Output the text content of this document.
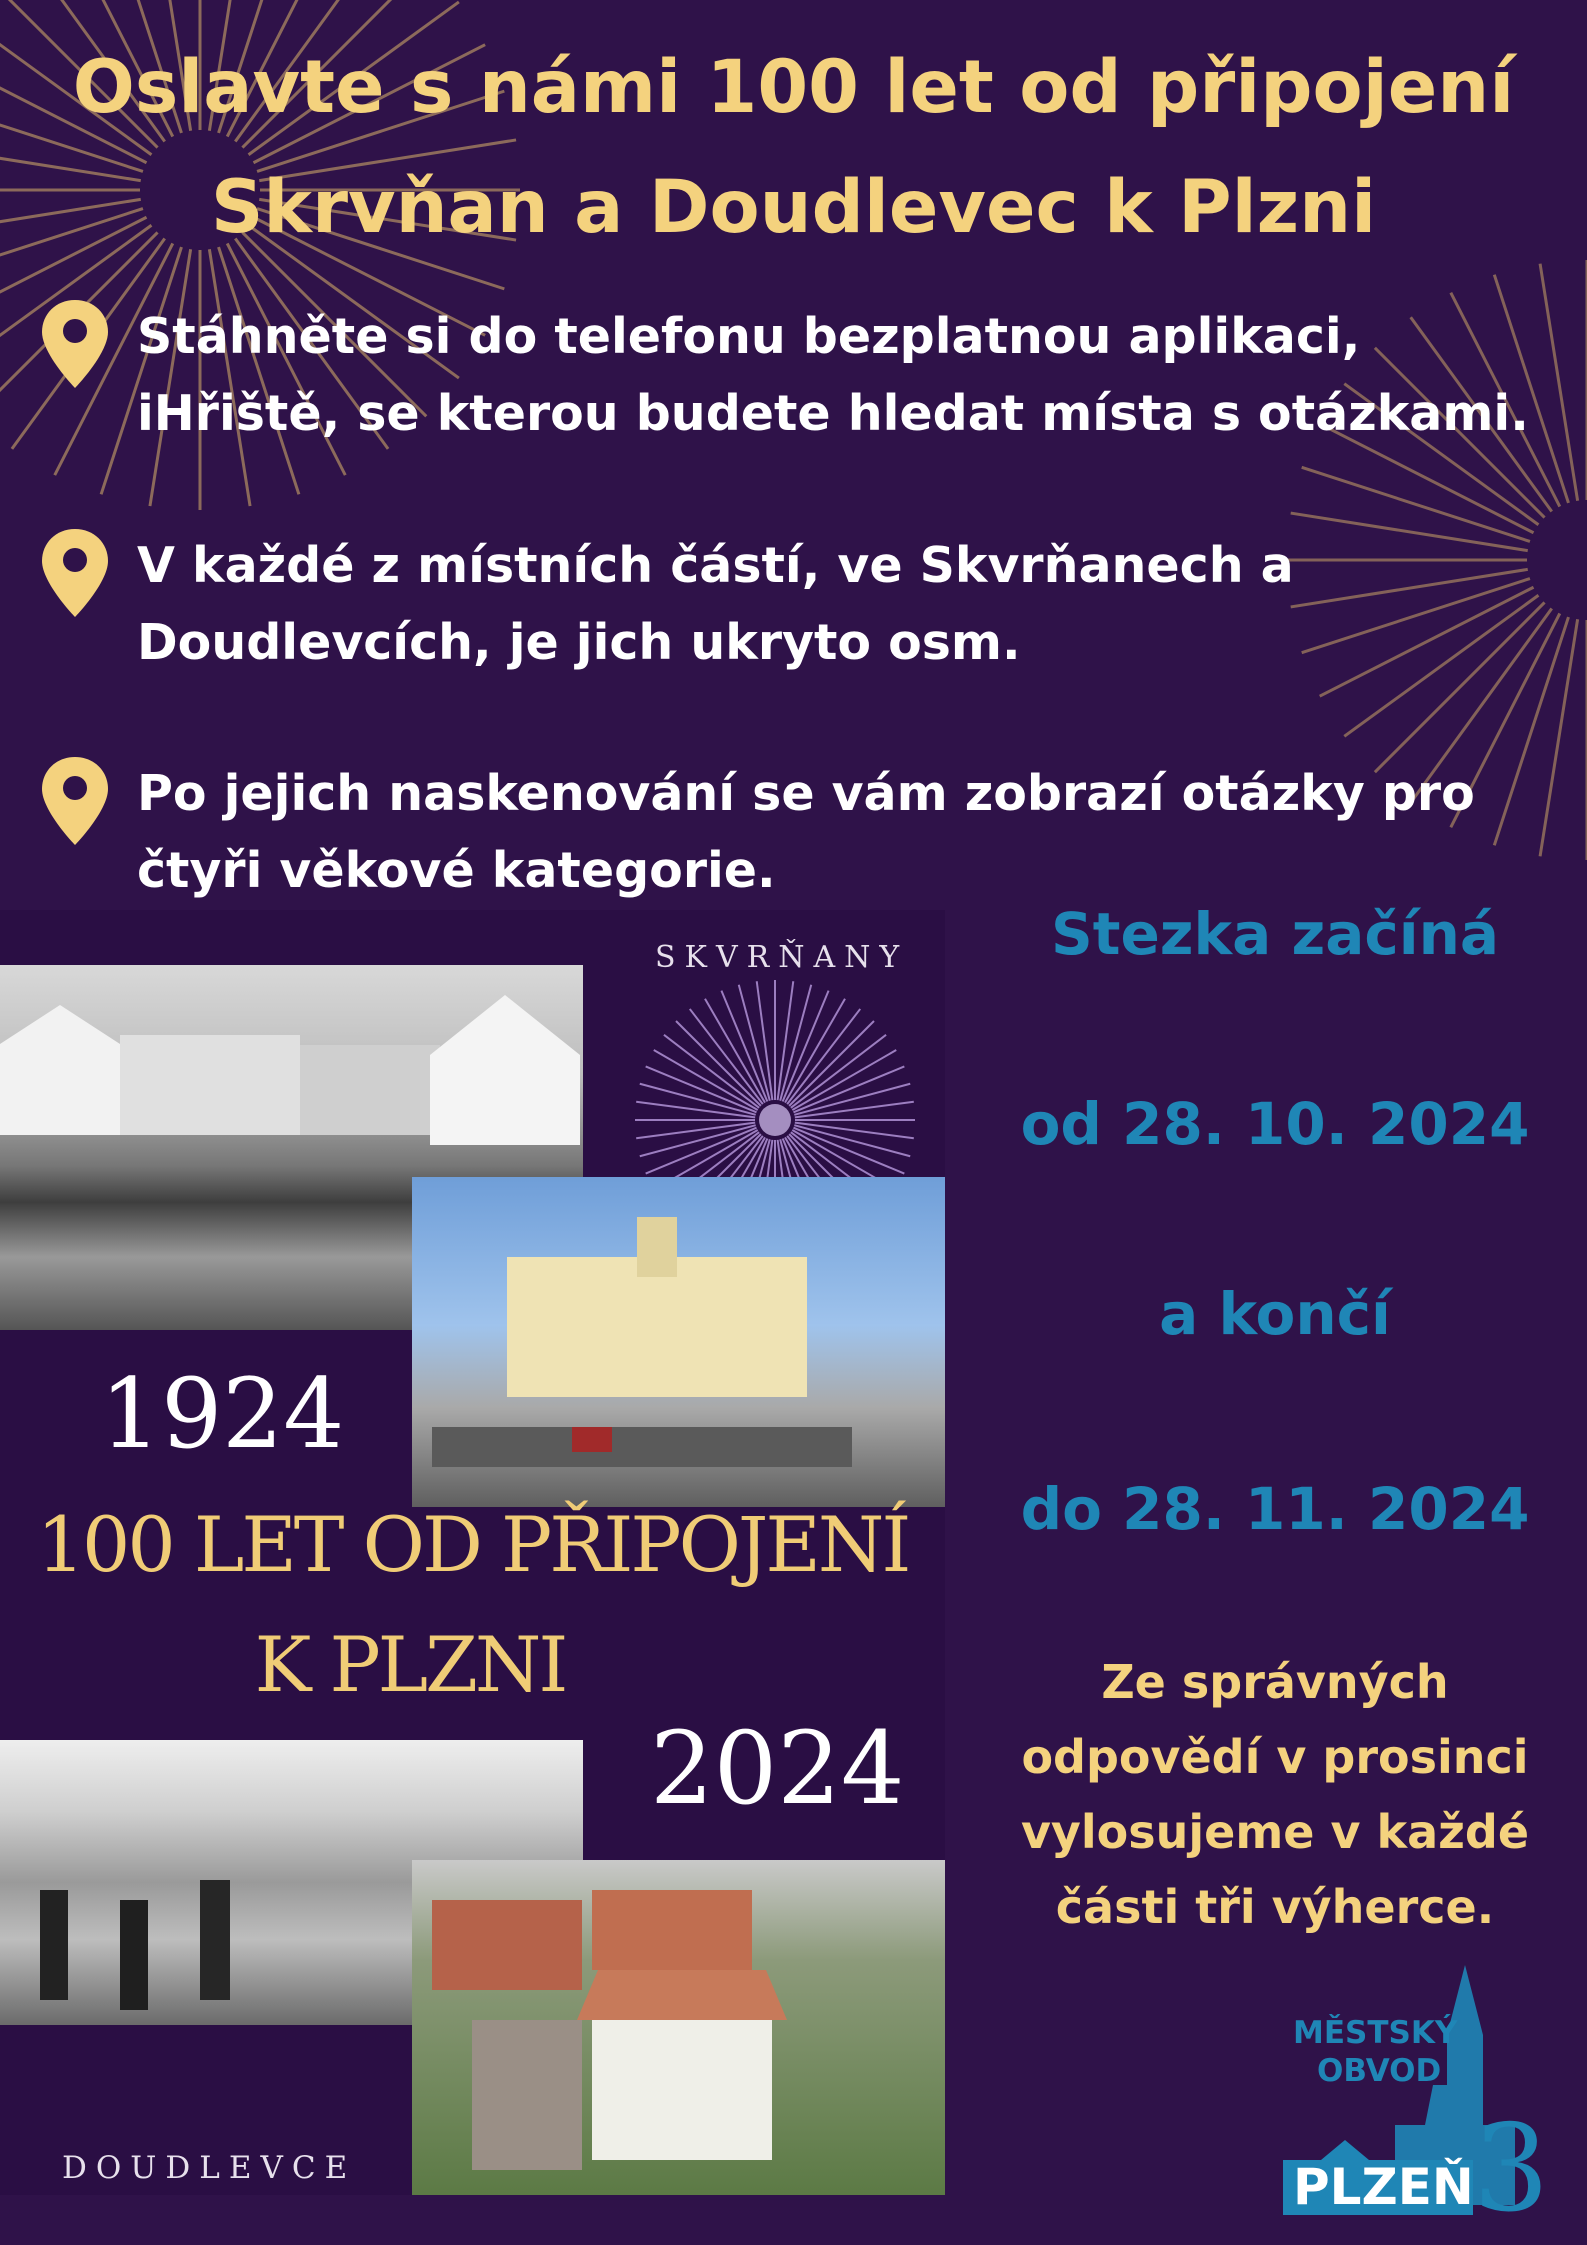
Oslavte s námi 100 let od připojení
Skrvňan a Doudlevec k Plzni
Stáhněte si do telefonu bezplatnou aplikaci,
iHřiště, se kterou budete hledat místa s otázkami.
V každé z místních částí, ve Skvrňanech a
Doudlevcích, je jich ukryto osm.
Po jejich naskenování se vám zobrazí otázky pro
čtyři věkové kategorie.
SKVRŇANY
1924
100 LET OD PŘIPOJENÍ
K PLZNI
2024
DOUDLEVCE
Stezka začíná
od 28. 10. 2024
a končí
do 28. 11. 2024
Ze správných
odpovědí v prosinci
vylosujeme v každé
části tři výherce.
MĚSTSKÝ
OBVOD
PLZEŇ 3
